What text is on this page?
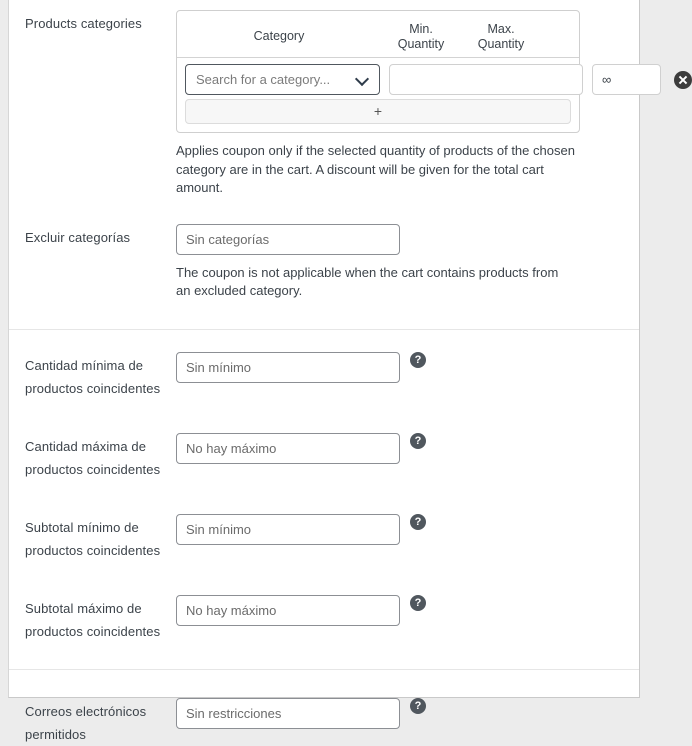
Products categories
Category	Min.
Quantity
Max.
Quantity
Search for a category...	∞
+
Applies coupon only if the selected quantity of products of the chosen category are in the cart. A discount will be given for the total cart amount.
Excluir categorías
Sin categorías
The coupon is not applicable when the cart contains products from an excluded category.
Cantidad mínima de
productos coincidentes
Sin mínimo
?
Cantidad máxima de
productos coincidentes
No hay máximo
?
Subtotal mínimo de
productos coincidentes
Sin mínimo
?
Subtotal máximo de
productos coincidentes
No hay máximo
?
Correos electrónicos
permitidos
Sin restricciones
?
